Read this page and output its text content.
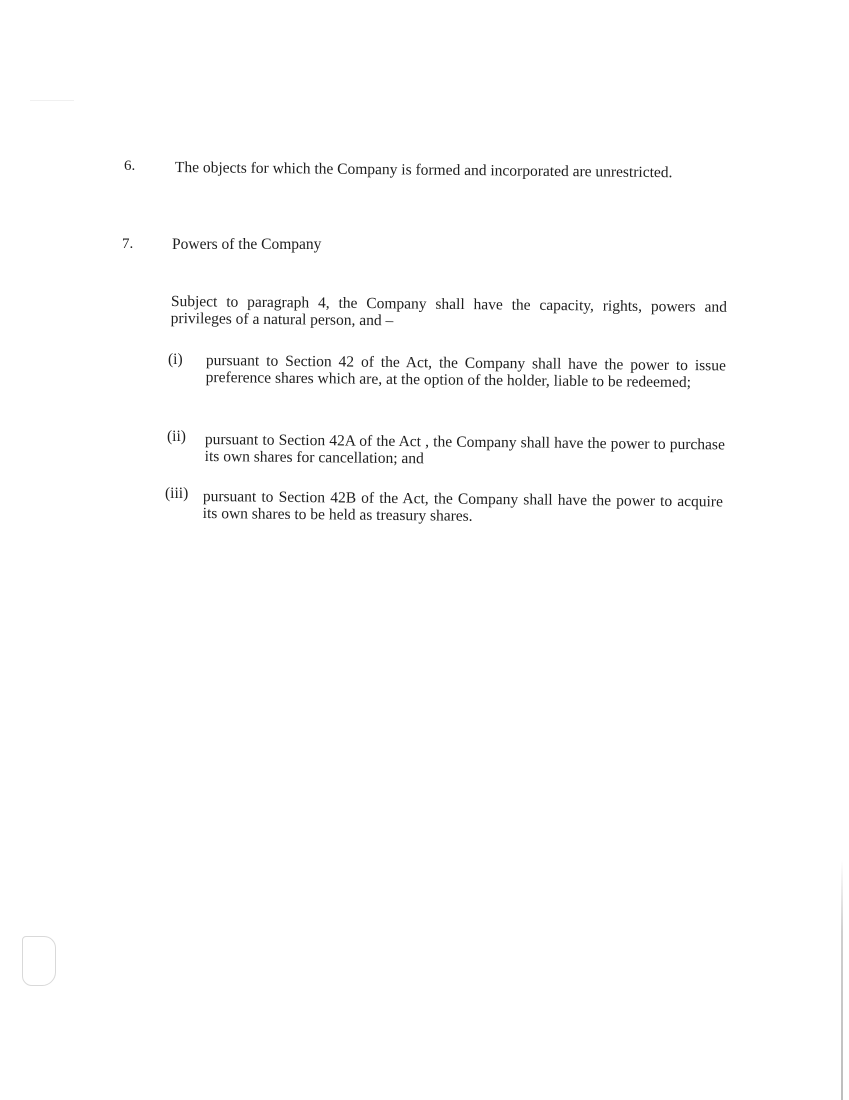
6.	The objects for which the Company is formed and incorporated are unrestricted.
7.	Powers of the Company
Subject to paragraph 4, the Company shall have the capacity, rights, powers and privileges of a natural person, and –
(i) pursuant to Section 42 of the Act, the Company shall have the power to issue preference shares which are, at the option of the holder, liable to be redeemed;
(ii) pursuant to Section 42A of the Act , the Company shall have the power to purchase its own shares for cancellation; and
(iii) pursuant to Section 42B of the Act, the Company shall have the power to acquire its own shares to be held as treasury shares.
